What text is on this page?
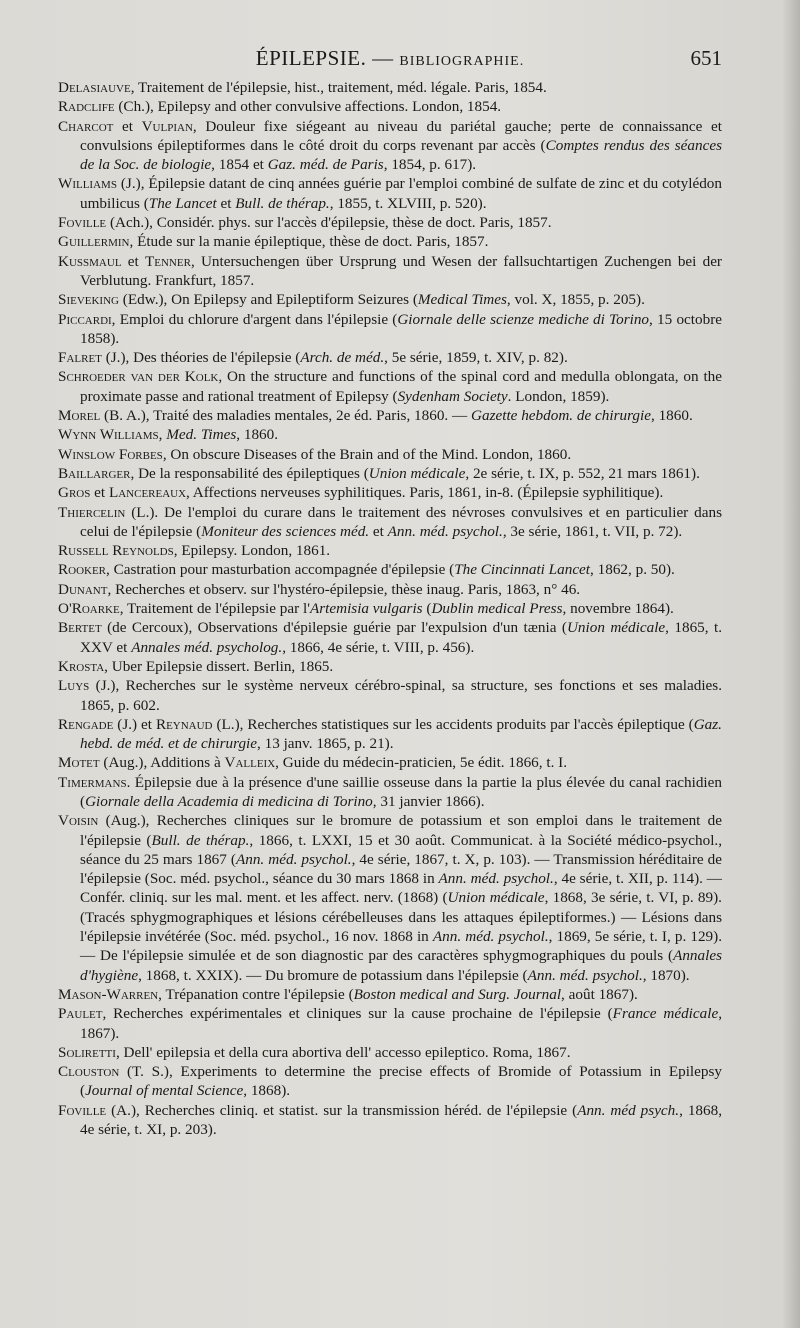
ÉPILEPSIE. — BIBLIOGRAPHIE.	651
Delasiauve, Traitement de l'épilepsie, hist., traitement, méd. légale. Paris, 1854.
Radclife (Ch.), Epilepsy and other convulsive affections. London, 1854.
Charcot et Vulpian, Douleur fixe siégeant au niveau du pariétal gauche; perte de connaissance et convulsions épileptiformes dans le côté droit du corps revenant par accès (Comptes rendus des séances de la Soc. de biologie, 1854 et Gaz. méd. de Paris, 1854, p. 617).
Williams (J.), Épilepsie datant de cinq années guérie par l'emploi combiné de sulfate de zinc et du cotylédon umbilicus (The Lancet et Bull. de thérap., 1855, t. XLVIII, p. 520).
Foville (Ach.), Considér. phys. sur l'accès d'épilepsie, thèse de doct. Paris, 1857.
Guillermin, Étude sur la manie épileptique, thèse de doct. Paris, 1857.
Kussmaul et Tenner, Untersuchengen über Ursprung und Wesen der fallsuchtartigen Zuchengen bei der Verblutung. Frankfurt, 1857.
Sieveking (Edw.), On Epilepsy and Epileptiform Seizures (Medical Times, vol. X, 1855, p. 205).
Piccardi, Emploi du chlorure d'argent dans l'épilepsie (Giornale delle scienze mediche di Torino, 15 octobre 1858).
Falret (J.), Des théories de l'épilepsie (Arch. de méd., 5e série, 1859, t. XIV, p. 82).
Schroeder van der Kolk, On the structure and functions of the spinal cord and medulla oblongata, on the proximate passe and rational treatment of Epilepsy (Sydenham Society. London, 1859).
Morel (B. A.), Traité des maladies mentales, 2e éd. Paris, 1860. — Gazette hebdom. de chirurgie, 1860.
Wynn Williams, Med. Times, 1860.
Winslow Forbes, On obscure Diseases of the Brain and of the Mind. London, 1860.
Baillarger, De la responsabilité des épileptiques (Union médicale, 2e série, t. IX, p. 552, 21 mars 1861).
Gros et Lancereaux, Affections nerveuses syphilitiques. Paris, 1861, in-8. (Épilepsie syphilitique).
Thiercelin (L.). De l'emploi du curare dans le traitement des névroses convulsives et en particulier dans celui de l'épilepsie (Moniteur des sciences méd. et Ann. méd. psychol., 3e série, 1861, t. VII, p. 72).
Russell Reynolds, Epilepsy. London, 1861.
Rooker, Castration pour masturbation accompagnée d'épilepsie (The Cincinnati Lancet, 1862, p. 50).
Dunant, Recherches et observ. sur l'hystéro-épilepsie, thèse inaug. Paris, 1863, n° 46.
O'Roarke, Traitement de l'épilepsie par l'Artemisia vulgaris (Dublin medical Press, novembre 1864).
Bertet (de Cercoux), Observations d'épilepsie guérie par l'expulsion d'un tænia (Union médicale, 1865, t. XXV et Annales méd. psycholog., 1866, 4e série, t. VIII, p. 456).
Krosta, Uber Epilepsie dissert. Berlin, 1865.
Luys (J.), Recherches sur le système nerveux cérébro-spinal, sa structure, ses fonctions et ses maladies. 1865, p. 602.
Rengade (J.) et Reynaud (L.), Recherches statistiques sur les accidents produits par l'accès épileptique (Gaz. hebd. de méd. et de chirurgie, 13 janv. 1865, p. 21).
Motet (Aug.), Additions à Valleix, Guide du médecin-praticien, 5e édit. 1866, t. I.
Timermans. Épilepsie due à la présence d'une saillie osseuse dans la partie la plus élevée du canal rachidien (Giornale della Academia di medicina di Torino, 31 janvier 1866).
Voisin (Aug.), Recherches cliniques sur le bromure de potassium et son emploi dans le traitement de l'épilepsie (Bull. de thérap., 1866, t. LXXI, 15 et 30 août. Communicat. à la Société médico-psychol., séance du 25 mars 1867 (Ann. méd. psychol., 4e série, 1867, t. X, p. 103). — Transmission héréditaire de l'épilepsie (Soc. méd. psychol., séance du 30 mars 1868 in Ann. méd. psychol., 4e série, t. XII, p. 114). — Confér. cliniq. sur les mal. ment. et les affect. nerv. (1868) (Union médicale, 1868, 3e série, t. VI, p. 89). (Tracés sphygmographiques et lésions cérébelleuses dans les attaques épileptiformes.) — Lésions dans l'épilepsie invétérée (Soc. méd. psychol., 16 nov. 1868 in Ann. méd. psychol., 1869, 5e série, t. I, p. 129). — De l'épilepsie simulée et de son diagnostic par des caractères sphygmographiques du pouls (Annales d'hygiène, 1868, t. XXIX). — Du bromure de potassium dans l'épilepsie (Ann. méd. psychol., 1870).
Mason-Warren, Trépanation contre l'épilepsie (Boston medical and Surg. Journal, août 1867).
Paulet, Recherches expérimentales et cliniques sur la cause prochaine de l'épilepsie (France médicale, 1867).
Soliretti, Dell' epilepsia et della cura abortiva dell' accesso epileptico. Roma, 1867.
Clouston (T. S.), Experiments to determine the precise effects of Bromide of Potassium in Epilepsy (Journal of mental Science, 1868).
Foville (A.), Recherches cliniq. et statist. sur la transmission héréd. de l'épilepsie (Ann. méd psych., 1868, 4e série, t. XI, p. 203).
